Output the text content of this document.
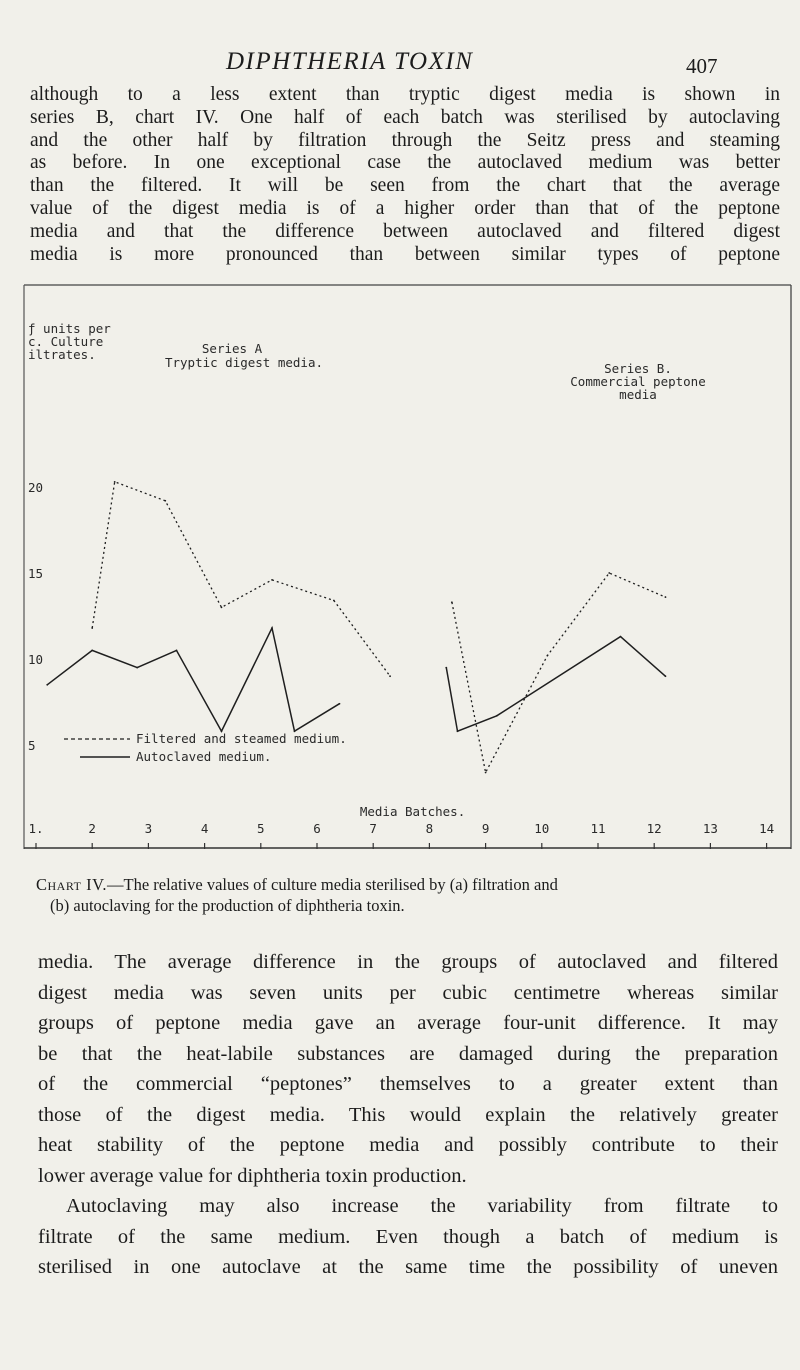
DIPHTHERIA TOXIN	407

although to a less extent than tryptic digest media is shown in
series B, chart IV. One half of each batch was sterilised by autoclaving
and the other half by filtration through the Seitz press and steaming
as before. In one exceptional case the autoclaved medium was better
than the filtered. It will be seen from the chart that the average
value of the digest media is of a higher order than that of the peptone
media and that the difference between autoclaved and filtered digest
media is more pronounced than between similar types of peptone

5
10
15
20
1.	2	3	4	5	6	7	8	9	10	11	12	13	14
ƒ units per
c. Culture
iltrates.
Media Batches.
Series A
Tryptic digest media.	Series B.
Commercial peptone
media
Filtered and steamed medium.
Autoclaved medium.

Chart IV.—The relative values of culture media sterilised by (a) filtration and
(b) autoclaving for the production of diphtheria toxin.

media. The average difference in the groups of autoclaved and filtered
digest media was seven units per cubic centimetre whereas similar
groups of peptone media gave an average four-unit difference. It may
be that the heat-labile substances are damaged during the preparation
of the commercial “peptones” themselves to a greater extent than
those of the digest media. This would explain the relatively greater
heat stability of the peptone media and possibly contribute to their
lower average value for diphtheria toxin production.
Autoclaving may also increase the variability from filtrate to
filtrate of the same medium. Even though a batch of medium is
sterilised in one autoclave at the same time the possibility of uneven
